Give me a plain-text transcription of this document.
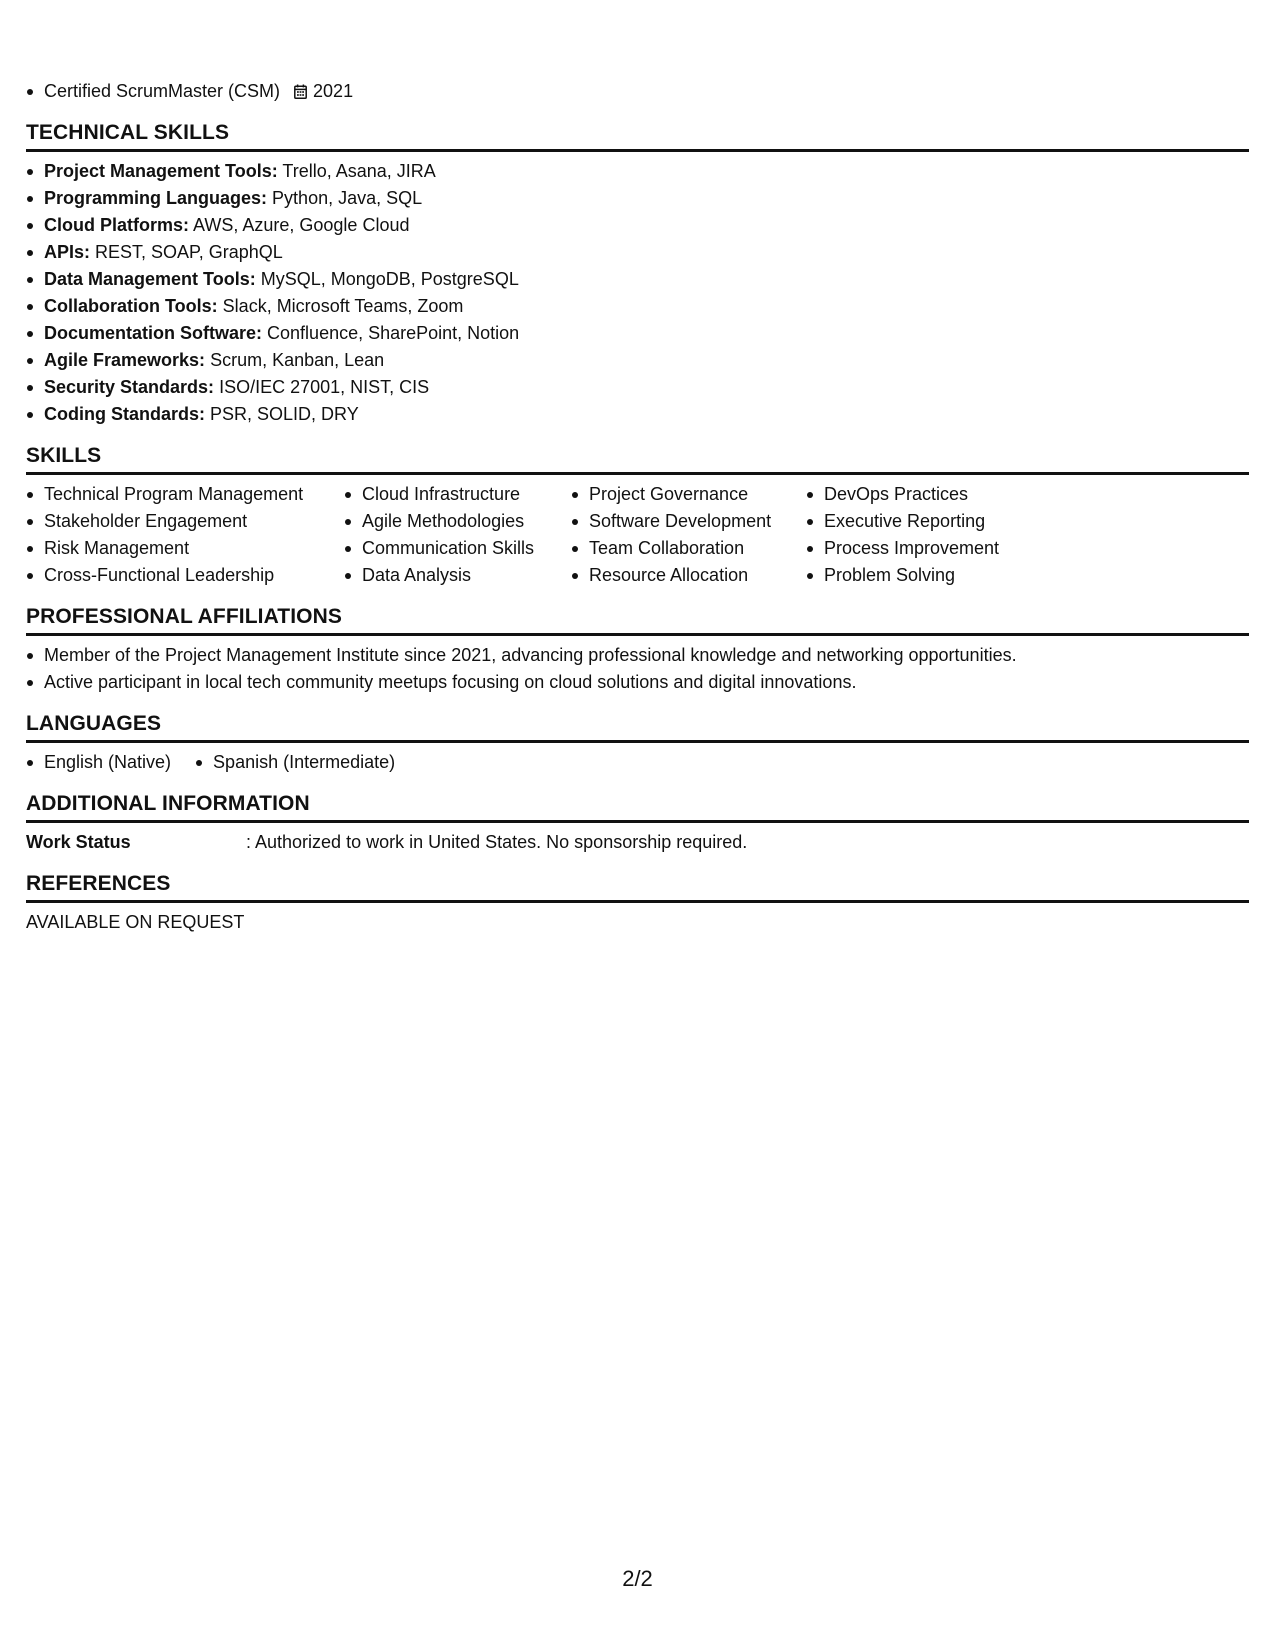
Certified ScrumMaster (CSM) 2021
TECHNICAL SKILLS
Project Management Tools: Trello, Asana, JIRA
Programming Languages: Python, Java, SQL
Cloud Platforms: AWS, Azure, Google Cloud
APIs: REST, SOAP, GraphQL
Data Management Tools: MySQL, MongoDB, PostgreSQL
Collaboration Tools: Slack, Microsoft Teams, Zoom
Documentation Software: Confluence, SharePoint, Notion
Agile Frameworks: Scrum, Kanban, Lean
Security Standards: ISO/IEC 27001, NIST, CIS
Coding Standards: PSR, SOLID, DRY
SKILLS
Technical Program Management
Stakeholder Engagement
Risk Management
Cross-Functional Leadership
Cloud Infrastructure
Agile Methodologies
Communication Skills
Data Analysis
Project Governance
Software Development
Team Collaboration
Resource Allocation
DevOps Practices
Executive Reporting
Process Improvement
Problem Solving
PROFESSIONAL AFFILIATIONS
Member of the Project Management Institute since 2021, advancing professional knowledge and networking opportunities.
Active participant in local tech community meetups focusing on cloud solutions and digital innovations.
LANGUAGES
English (Native)	Spanish (Intermediate)
ADDITIONAL INFORMATION
Work Status	: Authorized to work in United States. No sponsorship required.
REFERENCES
AVAILABLE ON REQUEST
2/2
